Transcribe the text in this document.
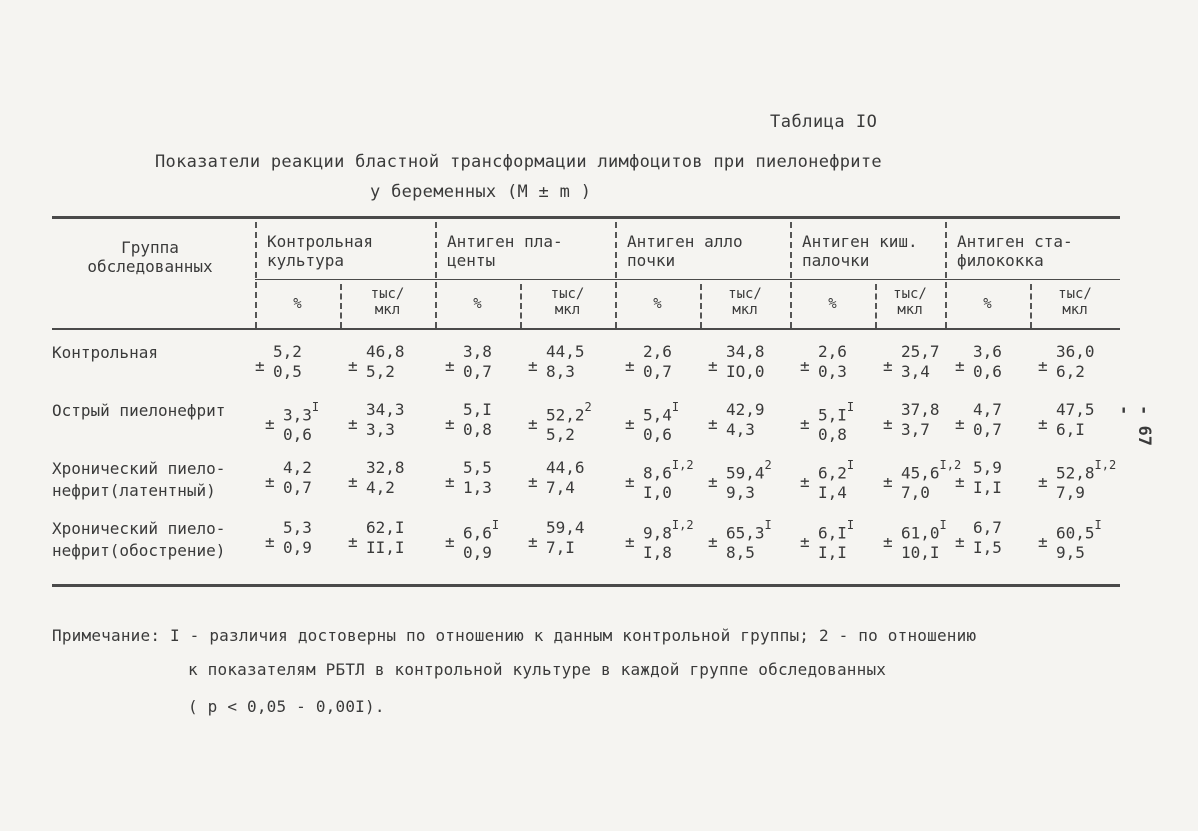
Таблица IO
Показатели реакции бластной трансформации лимфоцитов при пиелонефрите
у беременных (M ± m )
Группа
обследованных
Контрольная
культура
%
тыс/
мкл
Антиген пла-
центы
%
тыс/
мкл
Антиген алло
почки
%
тыс/
мкл
Антиген киш.
палочки
%
тыс/
мкл
Антиген ста-
филококка
%
тыс/
мкл
Контрольная	5,2
± 0,5
46,8
± 5,2
3,8
± 0,7
44,5
± 8,3
2,6
± 0,7
34,8
± IO,0
2,6
± 0,3
25,7
± 3,4
3,6
± 0,6
36,0
± 6,2
Острый пиелонефрит	$3,3^I$
±
0,6
34,3
± 3,3
5,I
± 0,8
$52,2^2$
±
5,2
$5,4^I$
±
0,6
42,9
± 4,3
$5,I^I$
±
0,8
37,8
± 3,7
4,7
± 0,7
47,5
± 6,I
Хронический пиело-
нефрит(латентный)
4,2
± 0,7
32,8
± 4,2
5,5
± 1,3
44,6
± 7,4
$8,6^{I,2}$
±
I,0
$59,4^2$
±
9,3
$6,2^I$
±
I,4
$45,6^{I,2}$
±
7,0
5,9
± I,I
$52,8^{I,2}$
±
7,9
Хронический пиело-
нефрит(обострение)
5,3
± 0,9
62,I
± II,I
$6,6^I$
±
0,9
59,4
± 7,I
$9,8^{I,2}$
±
I,8
$65,3^I$
±
8,5
$6,I^I$
±
I,I
$61,0^I$
±
10,I
6,7
± I,5
$60,5^I$
±
9,5
Примечание: I - различия достоверны по отношению к данным контрольной группы; 2 - по отношению
к показателям РБТЛ в контрольной культуре в каждой группе обследованных
( p < 0,05 - 0,00I).
- 67 -
